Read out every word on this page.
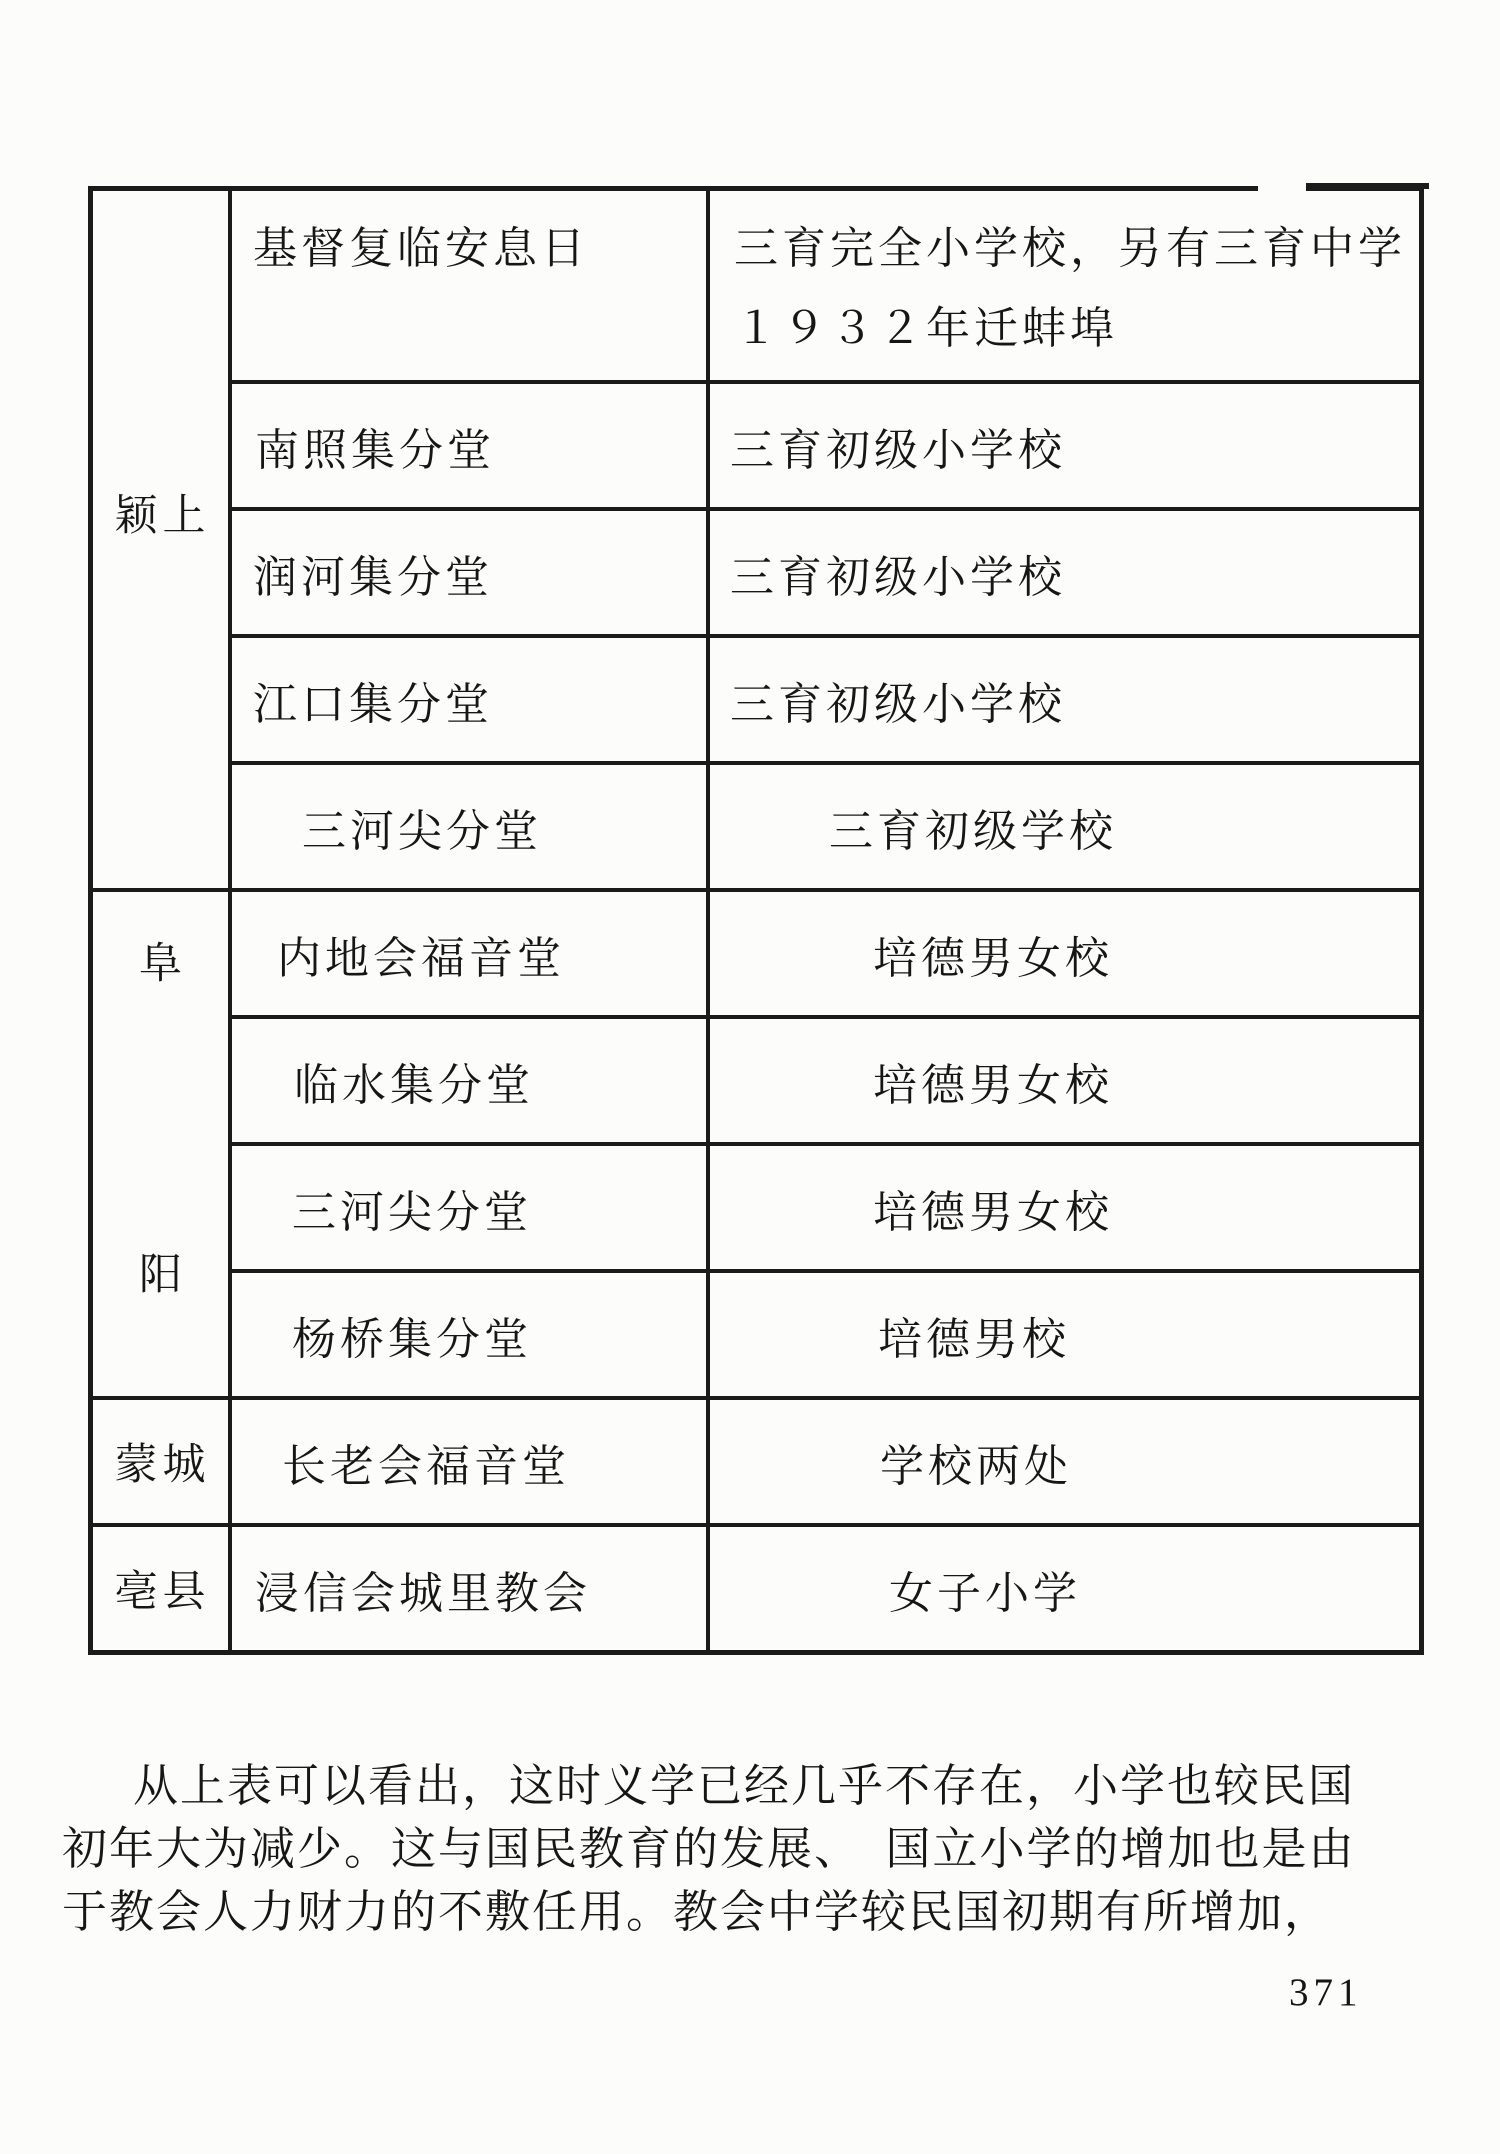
颖上
基督复临安息日	三育完全小学校，另有三育中学
１９３２年迁蚌埠
南照集分堂	三育初级小学校
润河集分堂	三育初级小学校
江口集分堂	三育初级小学校
三河尖分堂	三育初级学校
阜
阳
内地会福音堂	培德男女校
临水集分堂	培德男女校
三河尖分堂	培德男女校
杨桥集分堂	培德男校
蒙城	长老会福音堂	学校两处
亳县	浸信会城里教会	女子小学
从上表可以看出，这时义学已经几乎不存在，小学也较民国
初年大为减少。这与国民教育的发展、　国立小学的增加也是由
于教会人力财力的不敷任用。教会中学较民国初期有所增加，
371
